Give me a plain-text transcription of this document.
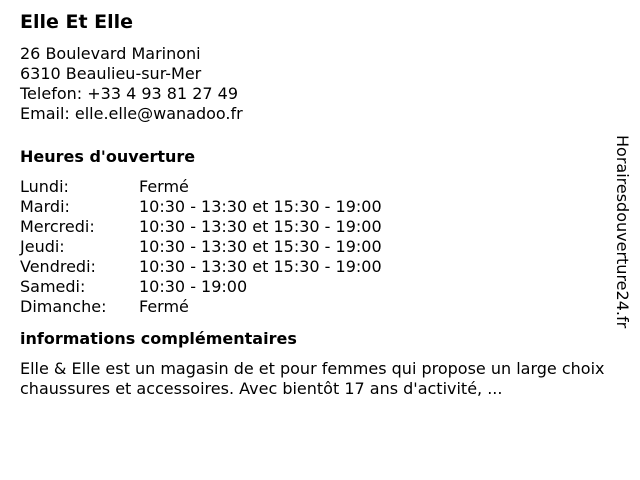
Elle Et Elle
26 Boulevard Marinoni
6310 Beaulieu-sur-Mer
Telefon: +33 4 93 81 27 49
Email: elle.elle@wanadoo.fr
Heures d'ouverture
Lundi:	Fermé
Mardi:	10:30 - 13:30 et 15:30 - 19:00
Mercredi:	10:30 - 13:30 et 15:30 - 19:00
Jeudi:	10:30 - 13:30 et 15:30 - 19:00
Vendredi:	10:30 - 13:30 et 15:30 - 19:00
Samedi:	10:30 - 19:00
Dimanche:	Fermé
informations complémentaires
Elle & Elle est un magasin de et pour femmes qui propose un large choix chaussures et accessoires. Avec bientôt 17 ans d'activité, ...
Horairesdouverture24.fr
